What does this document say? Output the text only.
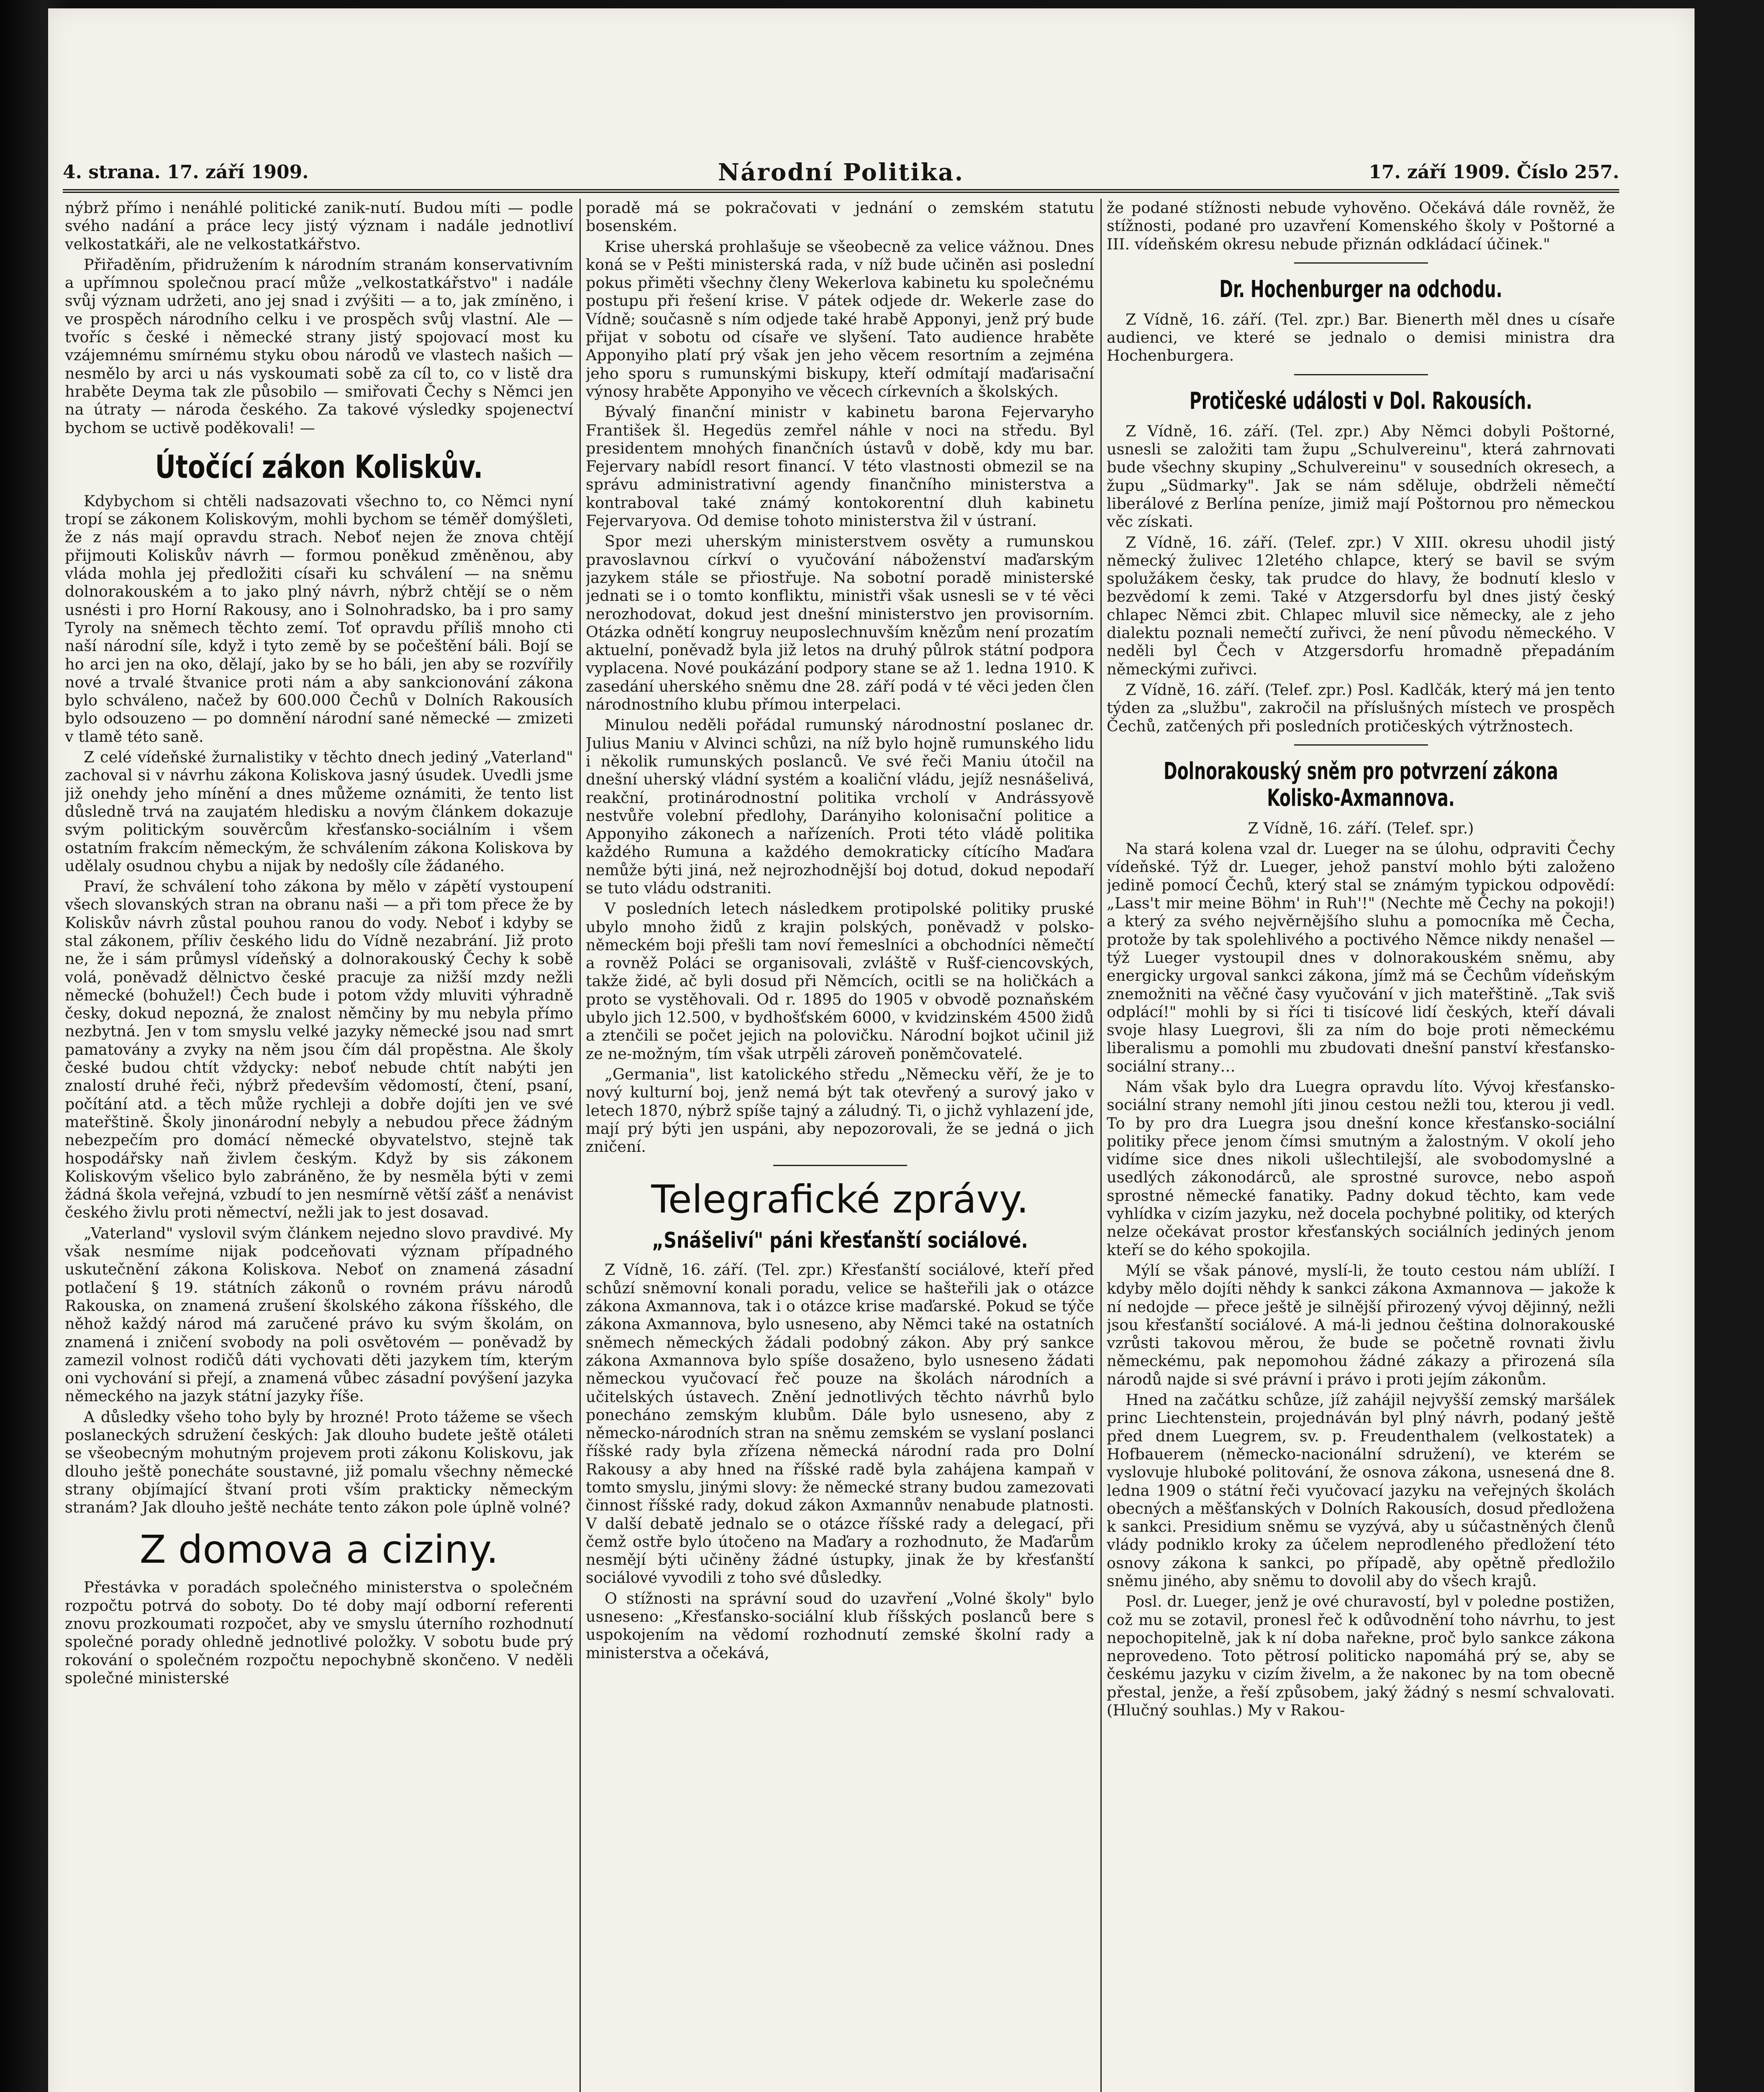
4. strana. 17. září 1909.	Národní Politika.	17. září 1909. Číslo 257.

nýbrž přímo i nenáhlé politické zanik-nutí. Budou míti — podle svého nadání a práce lecy jistý význam i nadále jednotliví velkostatkáři, ale ne velkostatkářstvo.

Přiřaděním, přidružením k národním stranám konservativním a upřímnou společnou prací může „velkostatkářstvo" i nadále svůj význam udržeti, ano jej snad i zvýšiti — a to, jak zmíněno, i ve prospěch národního celku i ve prospěch svůj vlastní. Ale — tvoříc s české i německé strany jistý spojovací most ku vzájemnému smírnému styku obou národů ve vlastech našich — nesmělo by arci u nás vyskoumati sobě za cíl to, co v listě dra hraběte Deyma tak zle působilo — smiřovati Čechy s Němci jen na útraty — národa českého. Za takové výsledky spojenectví bychom se uctivě poděkovali! —

Útočící zákon Koliskův.

Kdybychom si chtěli nadsazovati všechno to, co Němci nyní tropí se zákonem Koliskovým, mohli bychom se téměř domýšleti, že z nás mají opravdu strach. Neboť nejen že znova chtějí přijmouti Koliskův návrh — formou poněkud změněnou, aby vláda mohla jej předložiti císaři ku schválení — na sněmu dolnorakouském a to jako plný návrh, nýbrž chtějí se o něm usnésti i pro Horní Rakousy, ano i Solnohradsko, ba i pro samy Tyroly na sněmech těchto zemí. Toť opravdu příliš mnoho cti naší národní síle, když i tyto země by se počeštění báli. Bojí se ho arci jen na oko, dělají, jako by se ho báli, jen aby se rozvířily nové a trvalé štvanice proti nám a aby sankcionování zákona bylo schváleno, načež by 600.000 Čechů v Dolních Rakousích bylo odsouzeno — po domnění národní sané německé — zmizeti v tlamě této saně.

Z celé vídeňské žurnalistiky v těchto dnech jediný „Vaterland" zachoval si v návrhu zákona Koliskova jasný úsudek. Uvedli jsme již onehdy jeho mínění a dnes můžeme oznámiti, že tento list důsledně trvá na zaujatém hledisku a novým článkem dokazuje svým politickým souvěrcům křesťansko-sociálním i všem ostatním frakcím německým, že schválením zákona Koliskova by udělaly osudnou chybu a nijak by nedošly cíle žádaného.

Praví, že schválení toho zákona by mělo v zápětí vystoupení všech slovanských stran na obranu naši — a při tom přece že by Koliskův návrh zůstal pouhou ranou do vody. Neboť i kdyby se stal zákonem, příliv českého lidu do Vídně nezabrání. Již proto ne, že i sám průmysl vídeňský a dolnorakouský Čechy k sobě volá, poněvadž dělnictvo české pracuje za nižší mzdy nežli německé (bohužel!) Čech bude i potom vždy mluviti výhradně česky, dokud nepozná, že znalost němčiny by mu nebyla přímo nezbytná. Jen v tom smyslu velké jazyky německé jsou nad smrt pamatovány a zvyky na něm jsou čím dál propěstna. Ale školy české budou chtít vždycky: neboť nebude chtít nabýti jen znalostí druhé řeči, nýbrž především vědomostí, čtení, psaní, počítání atd. a těch může rychleji a dobře dojíti jen ve své mateřštině. Školy jinonárodní nebyly a nebudou přece žádným nebezpečím pro domácí německé obyvatelstvo, stejně tak hospodářsky naň živlem českým. Když by sis zákonem Koliskovým všelico bylo zabráněno, že by nesměla býti v zemi žádná škola veřejná, vzbudí to jen nesmírně větší zášť a nenávist českého živlu proti němectví, nežli jak to jest dosavad.

„Vaterland" vyslovil svým článkem nejedno slovo pravdivé. My však nesmíme nijak podceňovati význam případného uskutečnění zákona Koliskova. Neboť on znamená zásadní potlačení § 19. státních zákonů o rovném právu národů Rakouska, on znamená zrušení školského zákona říšského, dle něhož každý národ má zaručené právo ku svým školám, on znamená i zničení svobody na poli osvětovém — poněvadž by zamezil volnost rodičů dáti vychovati děti jazykem tím, kterým oni vychování si přejí, a znamená vůbec zásadní povýšení jazyka německého na jazyk státní jazyky říše.

A důsledky všeho toho byly by hrozné! Proto tážeme se všech poslaneckých sdružení českých: Jak dlouho budete ještě otáleti se všeobecným mohutným projevem proti zákonu Koliskovu, jak dlouho ještě ponecháte soustavné, již pomalu všechny německé strany objímající štvaní proti vším prakticky německým stranám? Jak dlouho ještě necháte tento zákon pole úplně volné?

Z domova a ciziny.

Přestávka v poradách společného ministerstva o společném rozpočtu potrvá do soboty. Do té doby mají odborní referenti znovu prozkoumati rozpočet, aby ve smyslu úterního rozhodnutí společné porady ohledně jednotlivé položky. V sobotu bude prý rokování o společném rozpočtu nepochybně skončeno. V neděli společné ministerské

poradě má se pokračovati v jednání o zemském statutu bosenském.

Krise uherská prohlašuje se všeobecně za velice vážnou. Dnes koná se v Pešti ministerská rada, v níž bude učiněn asi poslední pokus přiměti všechny členy Wekerlova kabinetu ku společnému postupu při řešení krise. V pátek odjede dr. Wekerle zase do Vídně; současně s ním odjede také hrabě Apponyi, jenž prý bude přijat v sobotu od císaře ve slyšení. Tato audience hraběte Apponyiho platí prý však jen jeho věcem resortním a zejména jeho sporu s rumunskými biskupy, kteří odmítají maďarisační výnosy hraběte Apponyiho ve věcech církevních a školských.

Bývalý finanční ministr v kabinetu barona Fejervaryho František šl. Hegedüs zemřel náhle v noci na středu. Byl presidentem mnohých finančních ústavů v době, kdy mu bar. Fejervary nabídl resort financí. V této vlastnosti obmezil se na správu administrativní agendy finančního ministerstva a kontraboval také známý kontokorentní dluh kabinetu Fejervaryova. Od demise tohoto ministerstva žil v ústraní.

Spor mezi uherským ministerstvem osvěty a rumunskou pravoslavnou církví o vyučování náboženství maďarským jazykem stále se přiostřuje. Na sobotní poradě ministerské jednati se i o tomto konfliktu, ministři však usnesli se v té věci nerozhodovat, dokud jest dnešní ministerstvo jen provisorním. Otázka odnětí kongruy neuposlechnuvším knězům není prozatím aktuelní, poněvadž byla již letos na druhý půlrok státní podpora vyplacena. Nové poukázání podpory stane se až 1. ledna 1910. K zasedání uherského sněmu dne 28. září podá v té věci jeden člen národnostního klubu přímou interpelaci.

Minulou neděli pořádal rumunský národnostní poslanec dr. Julius Maniu v Alvinci schůzi, na níž bylo hojně rumunského lidu i několik rumunských poslanců. Ve své řeči Maniu útočil na dnešní uherský vládní systém a koaliční vládu, jejíž nesnášelivá, reakční, protinárodnostní politika vrcholí v Andrássyově nestvůře volební předlohy, Darányiho kolonisační politice a Apponyiho zákonech a nařízeních. Proti této vládě politika každého Rumuna a každého demokraticky cítícího Maďara nemůže býti jiná, než nejrozhodnější boj dotud, dokud nepodaří se tuto vládu odstraniti.

V posledních letech následkem protipolské politiky pruské ubylo mnoho židů z krajin polských, poněvadž v polsko-německém boji přešli tam noví řemeslníci a obchodníci němečtí a rovněž Poláci se organisovali, zvláště v Rušf-ciencovských, takže židé, ač byli dosud při Němcích, ocitli se na holičkách a proto se vystěhovali. Od r. 1895 do 1905 v obvodě poznaňském ubylo jich 12.500, v bydhošťském 6000, v kvidzinském 4500 židů a ztenčili se počet jejich na polovičku. Národní bojkot učinil již ze ne-možným, tím však utrpěli zároveň poněmčovatelé.

„Germania", list katolického středu „Německu věří, že je to nový kulturní boj, jenž nemá být tak otevřený a surový jako v letech 1870, nýbrž spíše tajný a záludný. Ti, o jichž vyhlazení jde, mají prý býti jen uspáni, aby nepozorovali, že se jedná o jich zničení.

Telegrafické zprávy.
„Snášeliví" páni křesťanští sociálové.

Z Vídně, 16. září. (Tel. zpr.) Křesťanští sociálové, kteří před schůzí sněmovní konali poradu, velice se hašteřili jak o otázce zákona Axmannova, tak i o otázce krise maďarské. Pokud se týče zákona Axmannova, bylo usneseno, aby Němci také na ostatních sněmech německých žádali podobný zákon. Aby prý sankce zákona Axmannova bylo spíše dosaženo, bylo usneseno žádati německou vyučovací řeč pouze na školách národních a učitelských ústavech. Znění jednotlivých těchto návrhů bylo ponecháno zemským klubům. Dále bylo usneseno, aby z německo-národních stran na sněmu zemském se vyslaní poslanci říšské rady byla zřízena německá národní rada pro Dolní Rakousy a aby hned na říšské radě byla zahájena kampaň v tomto smyslu, jinými slovy: že německé strany budou zamezovati činnost říšské rady, dokud zákon Axmannův nenabude platnosti. V další debatě jednalo se o otázce říšské rady a delegací, při čemž ostře bylo útočeno na Maďary a rozhodnuto, že Maďarům nesmějí býti učiněny žádné ústupky, jinak že by křesťanští sociálové vyvodili z toho své důsledky.

O stížnosti na správní soud do uzavření „Volné školy" bylo usneseno: „Křesťansko-sociální klub říšských poslanců bere s uspokojením na vědomí rozhodnutí zemské školní rady a ministerstva a očekává,

že podané stížnosti nebude vyhověno. Očekává dále rovněž, že stížnosti, podané pro uzavření Komenského školy v Poštorné a III. vídeňském okresu nebude přiznán odkládací účinek."

Dr. Hochenburger na odchodu.

Z Vídně, 16. září. (Tel. zpr.) Bar. Bienerth měl dnes u císaře audienci, ve které se jednalo o demisi ministra dra Hochenburgera.

Protičeské události v Dol. Rakousích.

Z Vídně, 16. září. (Tel. zpr.) Aby Němci dobyli Poštorné, usnesli se založiti tam župu „Schulvereinu", která zahrnovati bude všechny skupiny „Schulvereinu" v sousedních okresech, a župu „Südmarky". Jak se nám sděluje, obdrželi němečtí liberálové z Berlína peníze, jimiž mají Poštornou pro německou věc získati.

Z Vídně, 16. září. (Telef. zpr.) V XIII. okresu uhodil jistý německý žulivec 12letého chlapce, který se bavil se svým spolužákem česky, tak prudce do hlavy, že bodnutí kleslo v bezvědomí k zemi. Také v Atzgersdorfu byl dnes jistý český chlapec Němci zbit. Chlapec mluvil sice německy, ale z jeho dialektu poznali nemečtí zuřivci, že není původu německého. V neděli byl Čech v Atzgersdorfu hromadně přepadáním německými zuřivci.

Z Vídně, 16. září. (Telef. zpr.) Posl. Kadlčák, který má jen tento týden za „službu", zakročil na příslušných místech ve prospěch Čechů, zatčených při posledních protičeských výtržnostech.

Dolnorakouský sněm pro potvrzení zákona Kolisko-Axmannova.

Z Vídně, 16. září. (Telef. spr.)

Na stará kolena vzal dr. Lueger na se úlohu, odpraviti Čechy vídeňské. Týž dr. Lueger, jehož panství mohlo býti založeno jedině pomocí Čechů, který stal se známým typickou odpovědí: „Lass't mir meine Böhm' in Ruh'!" (Nechte mě Čechy na pokoji!) a který za svého nejvěrnějšího sluhu a pomocníka mě Čecha, protože by tak spolehlivého a poctivého Němce nikdy nenašel — týž Lueger vystoupil dnes v dolnorakouském sněmu, aby energicky urgoval sankci zákona, jímž má se Čechům vídeňským znemožniti na věčné časy vyučování v jich mateřštině. „Tak sviš odplácí!" mohli by si říci ti tisícové lidí českých, kteří dávali svoje hlasy Luegrovi, šli za ním do boje proti německému liberalismu a pomohli mu zbudovati dnešní panství křesťansko-sociální strany…

Nám však bylo dra Luegra opravdu líto. Vývoj křesťansko-sociální strany nemohl jíti jinou cestou nežli tou, kterou ji vedl. To by pro dra Luegra jsou dnešní konce křesťansko-sociální politiky přece jenom čímsi smutným a žalostným. V okolí jeho vidíme sice dnes nikoli ušlechtilejší, ale svobodomyslné a usedlých zákonodárců, ale sprostné surovce, nebo aspoň sprostné německé fanatiky. Padny dokud těchto, kam vede vyhlídka v cizím jazyku, než docela pochybné politiky, od kterých nelze očekávat prostor křesťanských sociálních jediných jenom kteří se do kého spokojila.

Mýlí se však pánové, myslí-li, že touto cestou nám ublíží. I kdyby mělo dojíti něhdy k sankci zákona Axmannova — jakože k ní nedojde — přece ještě je silnější přirozený vývoj dějinný, nežli jsou křesťanští sociálové. A má-li jednou čeština dolnorakouské vzrůsti takovou měrou, že bude se početně rovnati živlu německému, pak nepomohou žádné zákazy a přirozená síla národů najde si své právní i právo i proti jejím zákonům.

Hned na začátku schůze, jíž zahájil nejvyšší zemský maršálek princ Liechtenstein, projednáván byl plný návrh, podaný ještě před dnem Luegrem, sv. p. Freudenthalem (velkostatek) a Hofbauerem (německo-nacionální sdružení), ve kterém se vyslovuje hluboké politování, že osnova zákona, usnesená dne 8. ledna 1909 o státní řeči vyučovací jazyku na veřejných školách obecných a měšťanských v Dolních Rakousích, dosud předložena k sankci. Presidium sněmu se vyzývá, aby u súčastněných členů vlády podniklo kroky za účelem neprodleného předložení této osnovy zákona k sankci, po případě, aby opětně předložilo sněmu jiného, aby sněmu to dovolil aby do všech krajů.

Posl. dr. Lueger, jenž je ové churavostí, byl v poledne postižen, což mu se zotavil, pronesl řeč k odůvodnění toho návrhu, to jest nepochopitelně, jak k ní doba nařekne, proč bylo sankce zákona neprovedeno. Toto pětrosí politicko napomáhá prý se, aby se českému jazyku v cizím živelm, a že nakonec by na tom obecně přestal, jenže, a řeší způsobem, jaký žádný s nesmí schvalovati. (Hlučný souhlas.) My v Rakou-
